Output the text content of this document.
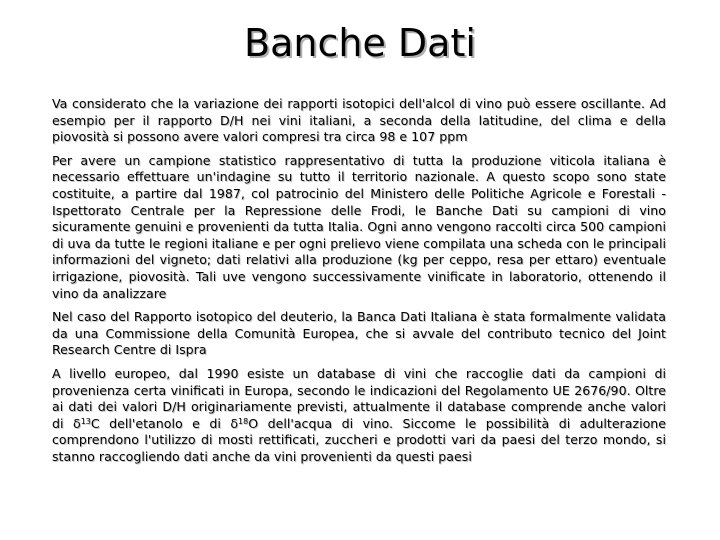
Banche Dati

Va considerato che la variazione dei rapporti isotopici dell'alcol di vino può essere oscillante. Ad esempio per il rapporto D/H nei vini italiani, a seconda della latitudine, del clima e della piovosità si possono avere valori compresi tra circa 98 e 107 ppm

Per avere un campione statistico rappresentativo di tutta la produzione viticola italiana è necessario effettuare un'indagine su tutto il territorio nazionale. A questo scopo sono state costituite, a partire dal 1987, col patrocinio del Ministero delle Politiche Agricole e Forestali - Ispettorato Centrale per la Repressione delle Frodi, le Banche Dati su campioni di vino sicuramente genuini e provenienti da tutta Italia. Ogni anno vengono raccolti circa 500 campioni di uva da tutte le regioni italiane e per ogni prelievo viene compilata una scheda con le principali informazioni del vigneto; dati relativi alla produzione (kg per ceppo, resa per ettaro) eventuale irrigazione, piovosità. Tali uve vengono successivamente vinificate in laboratorio, ottenendo il vino da analizzare

Nel caso del Rapporto isotopico del deuterio, la Banca Dati Italiana è stata formalmente validata da una Commissione della Comunità Europea, che si avvale del contributo tecnico del Joint Research Centre di Ispra

A livello europeo, dal 1990 esiste un database di vini che raccoglie dati da campioni di provenienza certa vinificati in Europa, secondo le indicazioni del Regolamento UE 2676/90. Oltre ai dati dei valori D/H originariamente previsti, attualmente il database comprende anche valori di $\delta^{13}C$ dell'etanolo e di $\delta^{18}O$ dell'acqua di vino. Siccome le possibilità di adulterazione comprendono l'utilizzo di mosti rettificati, zuccheri e prodotti vari da paesi del terzo mondo, si stanno raccogliendo dati anche da vini provenienti da questi paesi
